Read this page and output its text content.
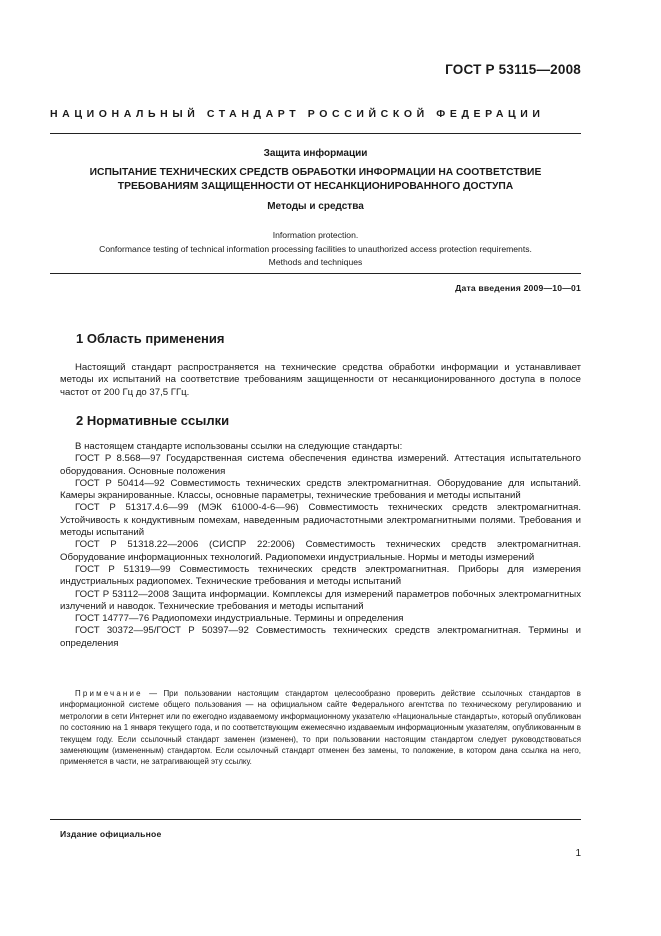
ГОСТ Р 53115—2008
НАЦИОНАЛЬНЫЙ СТАНДАРТ РОССИЙСКОЙ ФЕДЕРАЦИИ
Защита информации
ИСПЫТАНИЕ ТЕХНИЧЕСКИХ СРЕДСТВ ОБРАБОТКИ ИНФОРМАЦИИ НА СООТВЕТСТВИЕ
ТРЕБОВАНИЯМ ЗАЩИЩЕННОСТИ ОТ НЕСАНКЦИОНИРОВАННОГО ДОСТУПА
Методы и средства
Information protection.
Conformance testing of technical information processing facilities to unauthorized access protection requirements.
Methods and techniques
Дата введения 2009—10—01
1 Область применения

Настоящий стандарт распространяется на технические средства обработки информации и устанавливает методы их испытаний на соответствие требованиям защищенности от несанкционированного доступа в полосе частот от 200 Гц до 37,5 ГГц.

2 Нормативные ссылки

В настоящем стандарте использованы ссылки на следующие стандарты:

ГОСТ Р 8.568—97 Государственная система обеспечения единства измерений. Аттестация испытательного оборудования. Основные положения

ГОСТ Р 50414—92 Совместимость технических средств электромагнитная. Оборудование для испытаний. Камеры экранированные. Классы, основные параметры, технические требования и методы испытаний

ГОСТ Р 51317.4.6—99 (МЭК 61000-4-6—96) Совместимость технических средств электромагнитная. Устойчивость к кондуктивным помехам, наведенным радиочастотными электромагнитными полями. Требования и методы испытаний

ГОСТ Р 51318.22—2006 (СИСПР 22:2006) Совместимость технических средств электромагнитная. Оборудование информационных технологий. Радиопомехи индустриальные. Нормы и методы измерений

ГОСТ Р 51319—99 Совместимость технических средств электромагнитная. Приборы для измерения индустриальных радиопомех. Технические требования и методы испытаний

ГОСТ Р 53112—2008 Защита информации. Комплексы для измерений параметров побочных электромагнитных излучений и наводок. Технические требования и методы испытаний

ГОСТ 14777—76 Радиопомехи индустриальные. Термины и определения

ГОСТ 30372—95/ГОСТ Р 50397—92 Совместимость технических средств электромагнитная. Термины и определения

Примечание — При пользовании настоящим стандартом целесообразно проверить действие ссылочных стандартов в информационной системе общего пользования — на официальном сайте Федерального агентства по техническому регулированию и метрологии в сети Интернет или по ежегодно издаваемому информационному указателю «Национальные стандарты», который опубликован по состоянию на 1 января текущего года, и по соответствующим ежемесячно издаваемым информационным указателям, опубликованным в текущем году. Если ссылочный стандарт заменен (изменен), то при пользовании настоящим стандартом следует руководствоваться заменяющим (измененным) стандартом. Если ссылочный стандарт отменен без замены, то положение, в котором дана ссылка на него, применяется в части, не затрагивающей эту ссылку.

Издание официальное
1
